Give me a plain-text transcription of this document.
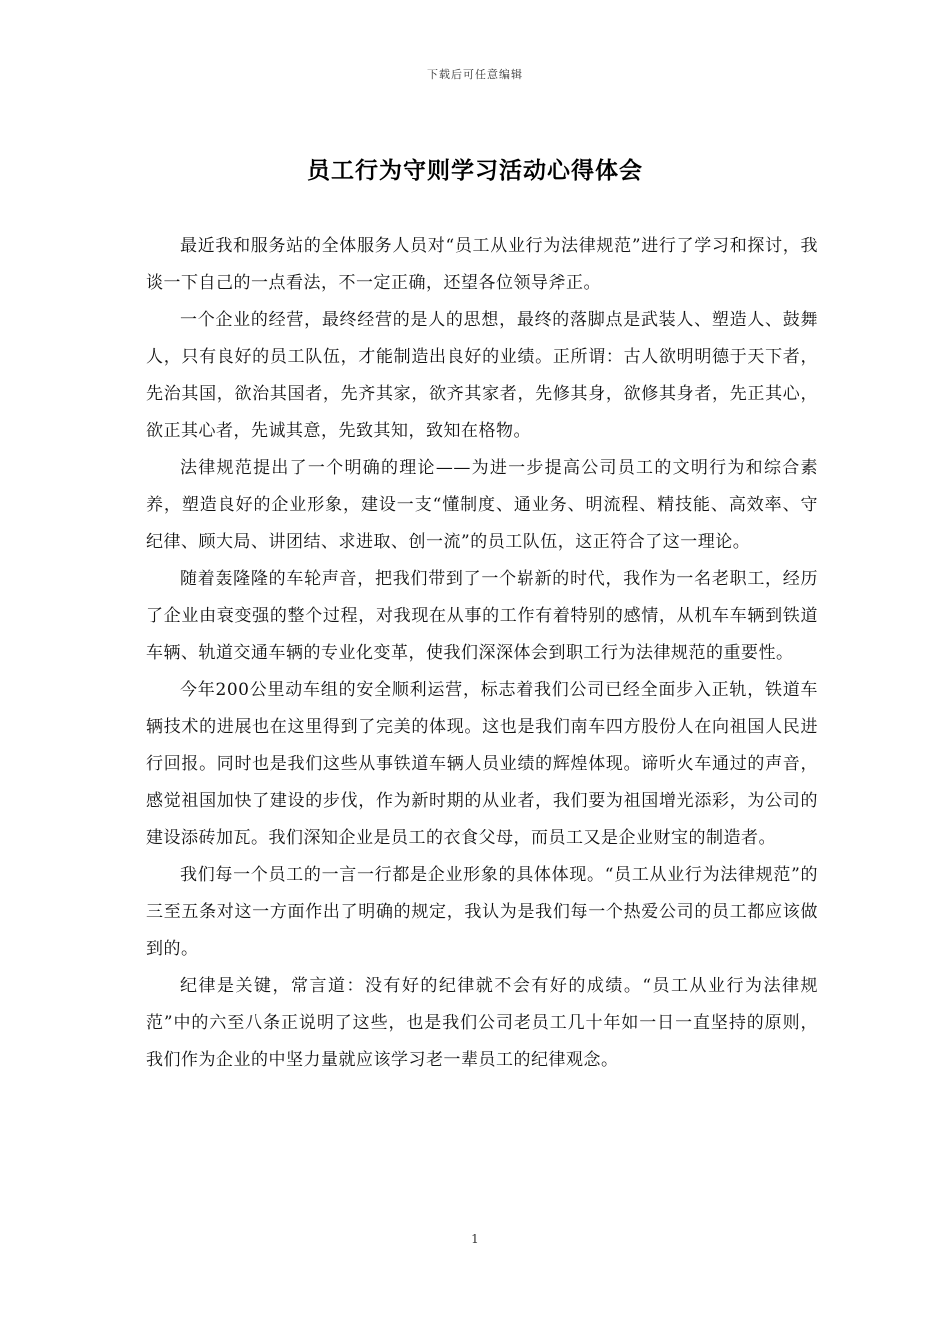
下载后可任意编辑
员工行为守则学习活动心得体会

最近我和服务站的全体服务人员对“员工从业行为法律规范”进行了学习和探讨，我谈一下自己的一点看法，不一定正确，还望各位领导斧正。

一个企业的经营，最终经营的是人的思想，最终的落脚点是武装人、塑造人、鼓舞人，只有良好的员工队伍，才能制造出良好的业绩。正所谓：古人欲明明德于天下者，先治其国，欲治其国者，先齐其家，欲齐其家者，先修其身，欲修其身者，先正其心，欲正其心者，先诚其意，先致其知，致知在格物。

法律规范提出了一个明确的理论——为进一步提高公司员工的文明行为和综合素养，塑造良好的企业形象，建设一支“懂制度、通业务、明流程、精技能、高效率、守纪律、顾大局、讲团结、求进取、创一流”的员工队伍，这正符合了这一理论。

随着轰隆隆的车轮声音，把我们带到了一个崭新的时代，我作为一名老职工，经历了企业由衰变强的整个过程，对我现在从事的工作有着特别的感情，从机车车辆到铁道车辆、轨道交通车辆的专业化变革，使我们深深体会到职工行为法律规范的重要性。

今年200公里动车组的安全顺利运营，标志着我们公司已经全面步入正轨，铁道车辆技术的进展也在这里得到了完美的体现。这也是我们南车四方股份人在向祖国人民进行回报。同时也是我们这些从事铁道车辆人员业绩的辉煌体现。谛听火车通过的声音，感觉祖国加快了建设的步伐，作为新时期的从业者，我们要为祖国增光添彩，为公司的建设添砖加瓦。我们深知企业是员工的衣食父母，而员工又是企业财宝的制造者。

我们每一个员工的一言一行都是企业形象的具体体现。“员工从业行为法律规范”的三至五条对这一方面作出了明确的规定，我认为是我们每一个热爱公司的员工都应该做到的。

纪律是关键，常言道：没有好的纪律就不会有好的成绩。“员工从业行为法律规范”中的六至八条正说明了这些，也是我们公司老员工几十年如一日一直坚持的原则，我们作为企业的中坚力量就应该学习老一辈员工的纪律观念。

1
